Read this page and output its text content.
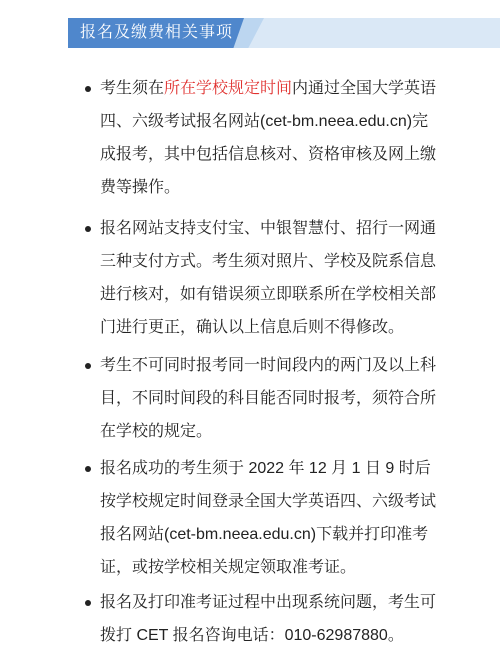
报名及缴费相关事项
考生须在所在学校规定时间内通过全国大学英语
四、六级考试报名网站(cet-bm.neea.edu.cn)完
成报考，其中包括信息核对、资格审核及网上缴
费等操作。
报名网站支持支付宝、中银智慧付、招行一网通
三种支付方式。考生须对照片、学校及院系信息
进行核对，如有错误须立即联系所在学校相关部
门进行更正，确认以上信息后则不得修改。
考生不可同时报考同一时间段内的两门及以上科
目，不同时间段的科目能否同时报考，须符合所
在学校的规定。
报名成功的考生须于 2022 年 12 月 1 日 9 时后
按学校规定时间登录全国大学英语四、六级考试
报名网站(cet-bm.neea.edu.cn)下载并打印准考
证，或按学校相关规定领取准考证。
报名及打印准考证过程中出现系统问题，考生可
拨打 CET 报名咨询电话：010-62987880。
